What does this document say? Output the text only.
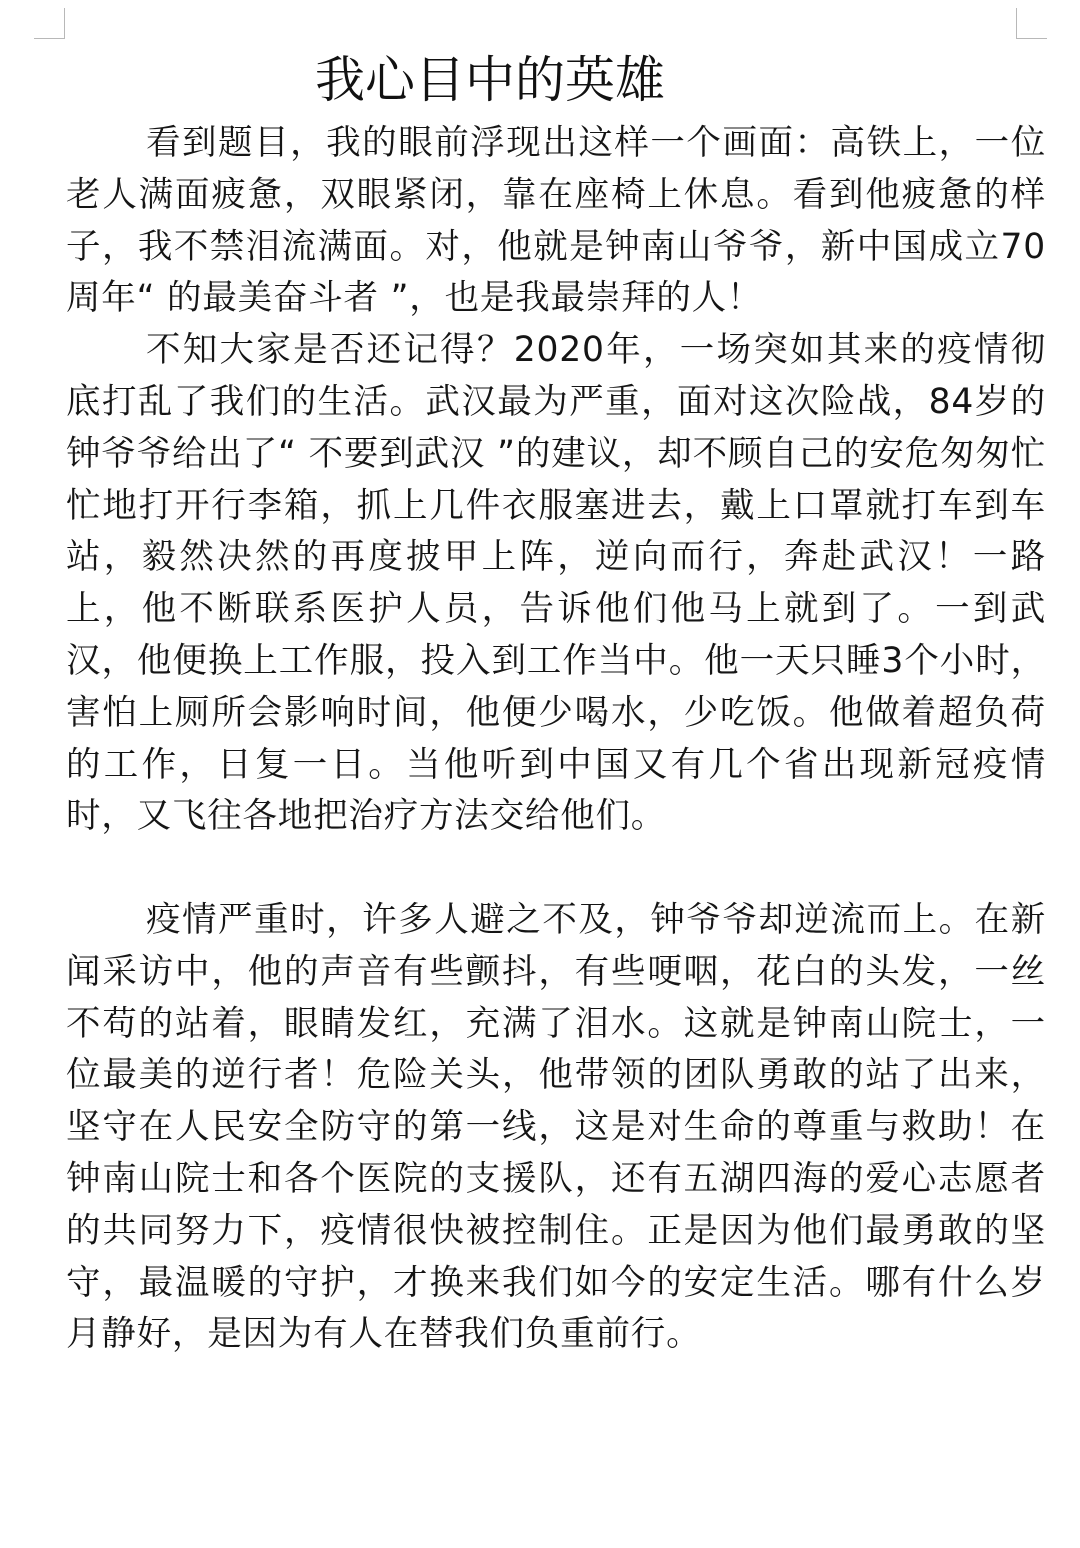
我心目中的英雄

看到题目，我的眼前浮现出这样一个画面：高铁上，一位老人满面疲惫，双眼紧闭，靠在座椅上休息。看到他疲惫的样子，我不禁泪流满面。对，他就是钟南山爷爷，新中国成立70周年“ 的最美奋斗者 ”，也是我最崇拜的人！

不知大家是否还记得？2020年，一场突如其来的疫情彻底打乱了我们的生活。武汉最为严重，面对这次险战，84岁的钟爷爷给出了“ 不要到武汉 ”的建议，却不顾自己的安危匆匆忙忙地打开行李箱，抓上几件衣服塞进去，戴上口罩就打车到车站，毅然决然的再度披甲上阵，逆向而行，奔赴武汉！一路上，他不断联系医护人员，告诉他们他马上就到了。一到武汉，他便换上工作服，投入到工作当中。他一天只睡3个小时，害怕上厕所会影响时间，他便少喝水，少吃饭。他做着超负荷的工作，日复一日。当他听到中国又有几个省出现新冠疫情时，又飞往各地把治疗方法交给他们。

疫情严重时，许多人避之不及，钟爷爷却逆流而上。在新闻采访中，他的声音有些颤抖，有些哽咽，花白的头发，一丝不苟的站着，眼睛发红，充满了泪水。这就是钟南山院士，一位最美的逆行者！危险关头，他带领的团队勇敢的站了出来，坚守在人民安全防守的第一线，这是对生命的尊重与救助！在钟南山院士和各个医院的支援队，还有五湖四海的爱心志愿者的共同努力下，疫情很快被控制住。正是因为他们最勇敢的坚守，最温暖的守护，才换来我们如今的安定生活。哪有什么岁月静好，是因为有人在替我们负重前行。
